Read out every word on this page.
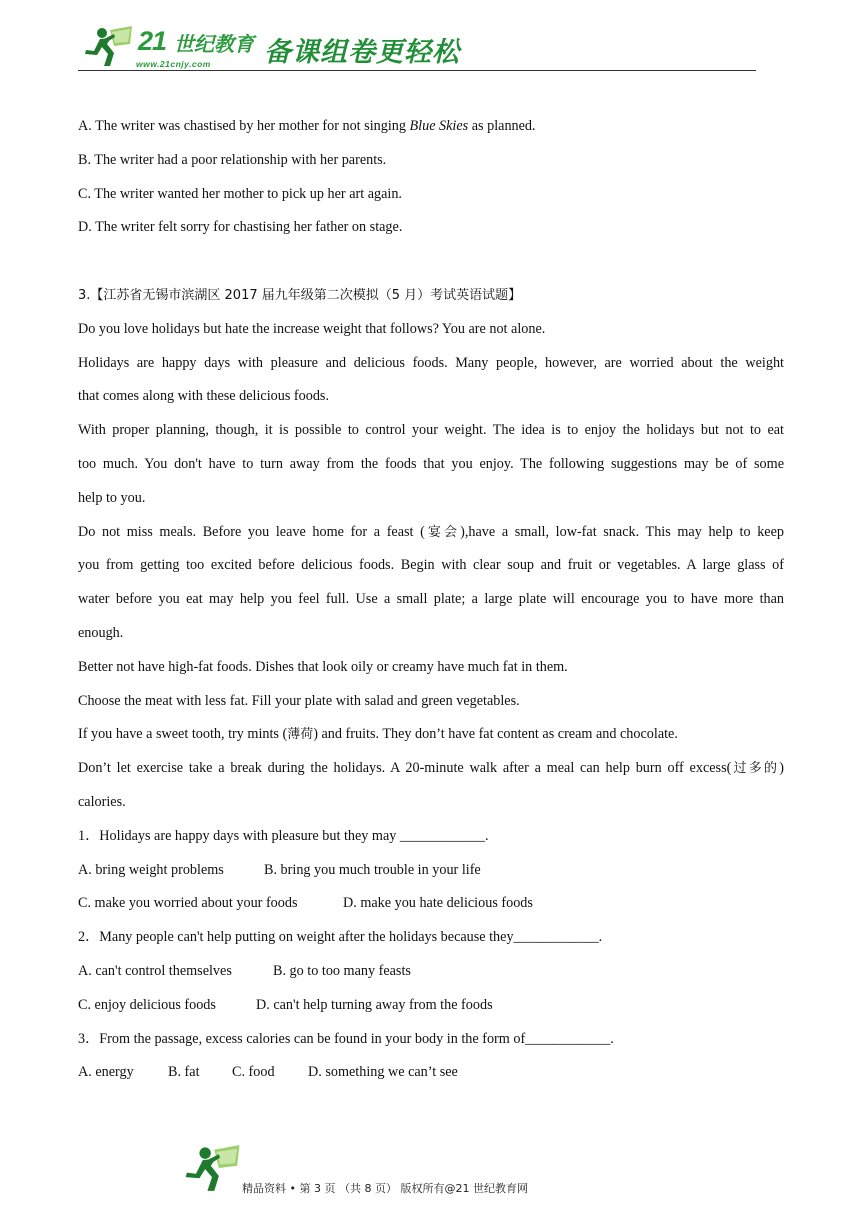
21 世纪教育
www.21cnjy.com 备课组卷更轻松
A. The writer was chastised by her mother for not singing Blue Skies as planned.
B. The writer had a poor relationship with her parents.
C. The writer wanted her mother to pick up her art again.
D. The writer felt sorry for chastising her father on stage.
3.【江苏省无锡市滨湖区 2017 届九年级第二次模拟（5 月）考试英语试题】
Do you love holidays but hate the increase weight that follows? You are not alone.
Holidays are happy days with pleasure and delicious foods. Many people, however, are worried about the weight
that comes along with these delicious foods.
With proper planning, though, it is possible to control your weight. The idea is to enjoy the holidays but not to eat
too much. You don't have to turn away from the foods that you enjoy. The following suggestions may be of some
help to you.
Do not miss meals. Before you leave home for a feast (宴会),have a small, low-fat snack. This may help to keep
you from getting too excited before delicious foods. Begin with clear soup and fruit or vegetables. A large glass of
water before you eat may help you feel full. Use a small plate; a large plate will encourage you to have more than
enough.
Better not have high-fat foods. Dishes that look oily or creamy have much fat in them.
Choose the meat with less fat. Fill your plate with salad and green vegetables.
If you have a sweet tooth, try mints (薄荷) and fruits. They don’t have fat content as cream and chocolate.
Don’t let exercise take a break during the holidays. A 20-minute walk after a meal can help burn off excess(过多的)
calories.
1．Holidays are happy days with pleasure but they may ____________.
A. bring weight problems	B. bring you much trouble in your life
C. make you worried about your foods	D. make you hate delicious foods
2．Many people can't help putting on weight after the holidays because they____________.
A. can't control themselves	B. go to too many feasts
C. enjoy delicious foods	D. can't help turning away from the foods
3．From the passage, excess calories can be found in your body in the form of____________.
A. energy B. fat C. food D. something we can’t see
精品资料 • 第 3 页 （共 8 页） 版权所有@21 世纪教育网
